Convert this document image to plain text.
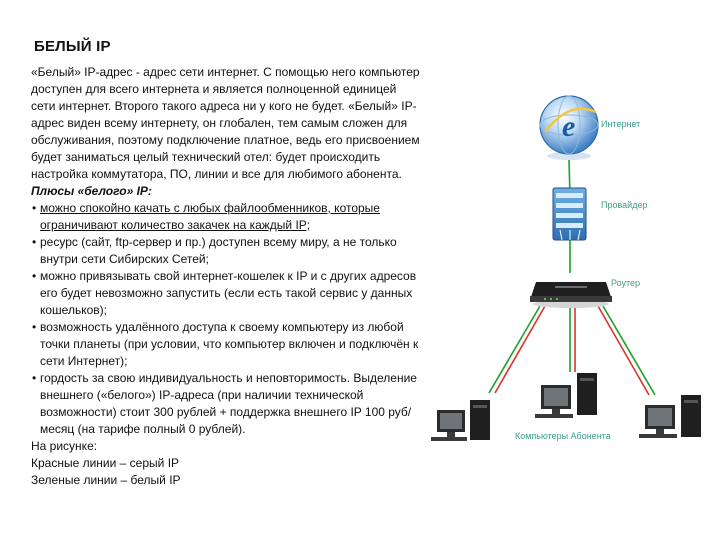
БЕЛЫЙ IP

«Белый» IP-адрес - адрес сети интернет. С помощью него компьютер доступен для всего интернета и является полноценной единицей сети интернет. Второго такого адреса ни у кого не будет. «Белый» IP-адрес виден всему интернету, он глобален, тем самым сложен для обслуживания, поэтому подключение платное, ведь его присвоением будет заниматься целый технический отел: будет происходить настройка коммутатора, ПО, линии и все для любимого абонента.

Плюсы «белого» IP:

• можно спокойно качать с любых файлообменников, которые ограничивают количество закачек на каждый IP;

• ресурс (сайт, ftp-сервер и пр.) доступен всему миру, а не только внутри сети Сибирских Сетей;

• можно привязывать свой интернет-кошелек к IP и с других адресов его будет невозможно запустить (если есть такой сервис у данных кошельков);

• возможность удалённого доступа к своему компьютеру из любой точки планеты (при условии, что компьютер включен и подключён к сети Интернет);

• гордость за свою индивидуальность и неповторимость. Выделение внешнего («белого») IP-адреса (при наличии технической возможности) стоит 300 рублей + поддержка внешнего IP 100 руб/месяц (на тарифе полный 0 рублей).

На рисунке:

Красные линии – серый IP

Зеленые линии – белый IP

e	Интернет
Провайдер
Роутер
Компьютеры Абонента
